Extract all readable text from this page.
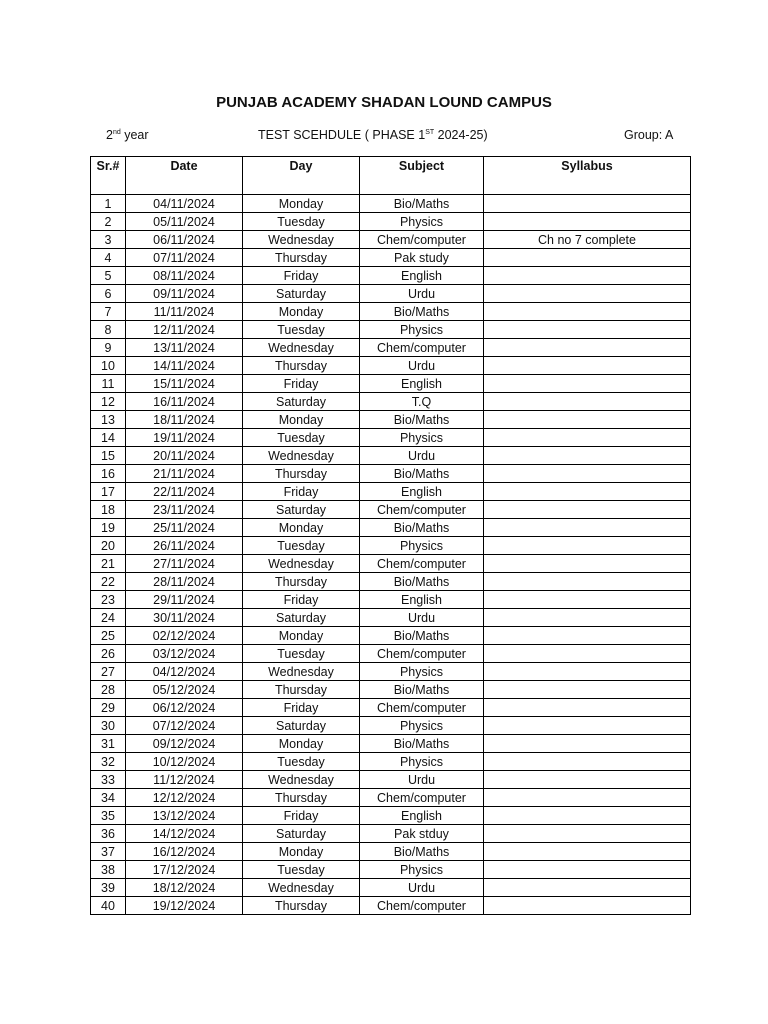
PUNJAB ACADEMY SHADAN LOUND CAMPUS
2nd year	TEST SCEHDULE ( PHASE 1ST 2024-25)	Group: A
Sr.#	Date	Day	Subject	Syllabus
1	04/11/2024	Monday	Bio/Maths	
2	05/11/2024	Tuesday	Physics	
3	06/11/2024	Wednesday	Chem/computer	Ch no 7 complete
4	07/11/2024	Thursday	Pak study	
5	08/11/2024	Friday	English	
6	09/11/2024	Saturday	Urdu	
7	11/11/2024	Monday	Bio/Maths	
8	12/11/2024	Tuesday	Physics	
9	13/11/2024	Wednesday	Chem/computer	
10	14/11/2024	Thursday	Urdu	
11	15/11/2024	Friday	English	
12	16/11/2024	Saturday	T.Q	
13	18/11/2024	Monday	Bio/Maths	
14	19/11/2024	Tuesday	Physics	
15	20/11/2024	Wednesday	Urdu	
16	21/11/2024	Thursday	Bio/Maths	
17	22/11/2024	Friday	English	
18	23/11/2024	Saturday	Chem/computer	
19	25/11/2024	Monday	Bio/Maths	
20	26/11/2024	Tuesday	Physics	
21	27/11/2024	Wednesday	Chem/computer	
22	28/11/2024	Thursday	Bio/Maths	
23	29/11/2024	Friday	English	
24	30/11/2024	Saturday	Urdu	
25	02/12/2024	Monday	Bio/Maths	
26	03/12/2024	Tuesday	Chem/computer	
27	04/12/2024	Wednesday	Physics	
28	05/12/2024	Thursday	Bio/Maths	
29	06/12/2024	Friday	Chem/computer	
30	07/12/2024	Saturday	Physics	
31	09/12/2024	Monday	Bio/Maths	
32	10/12/2024	Tuesday	Physics	
33	11/12/2024	Wednesday	Urdu	
34	12/12/2024	Thursday	Chem/computer	
35	13/12/2024	Friday	English	
36	14/12/2024	Saturday	Pak stduy	
37	16/12/2024	Monday	Bio/Maths	
38	17/12/2024	Tuesday	Physics	
39	18/12/2024	Wednesday	Urdu	
40	19/12/2024	Thursday	Chem/computer	
